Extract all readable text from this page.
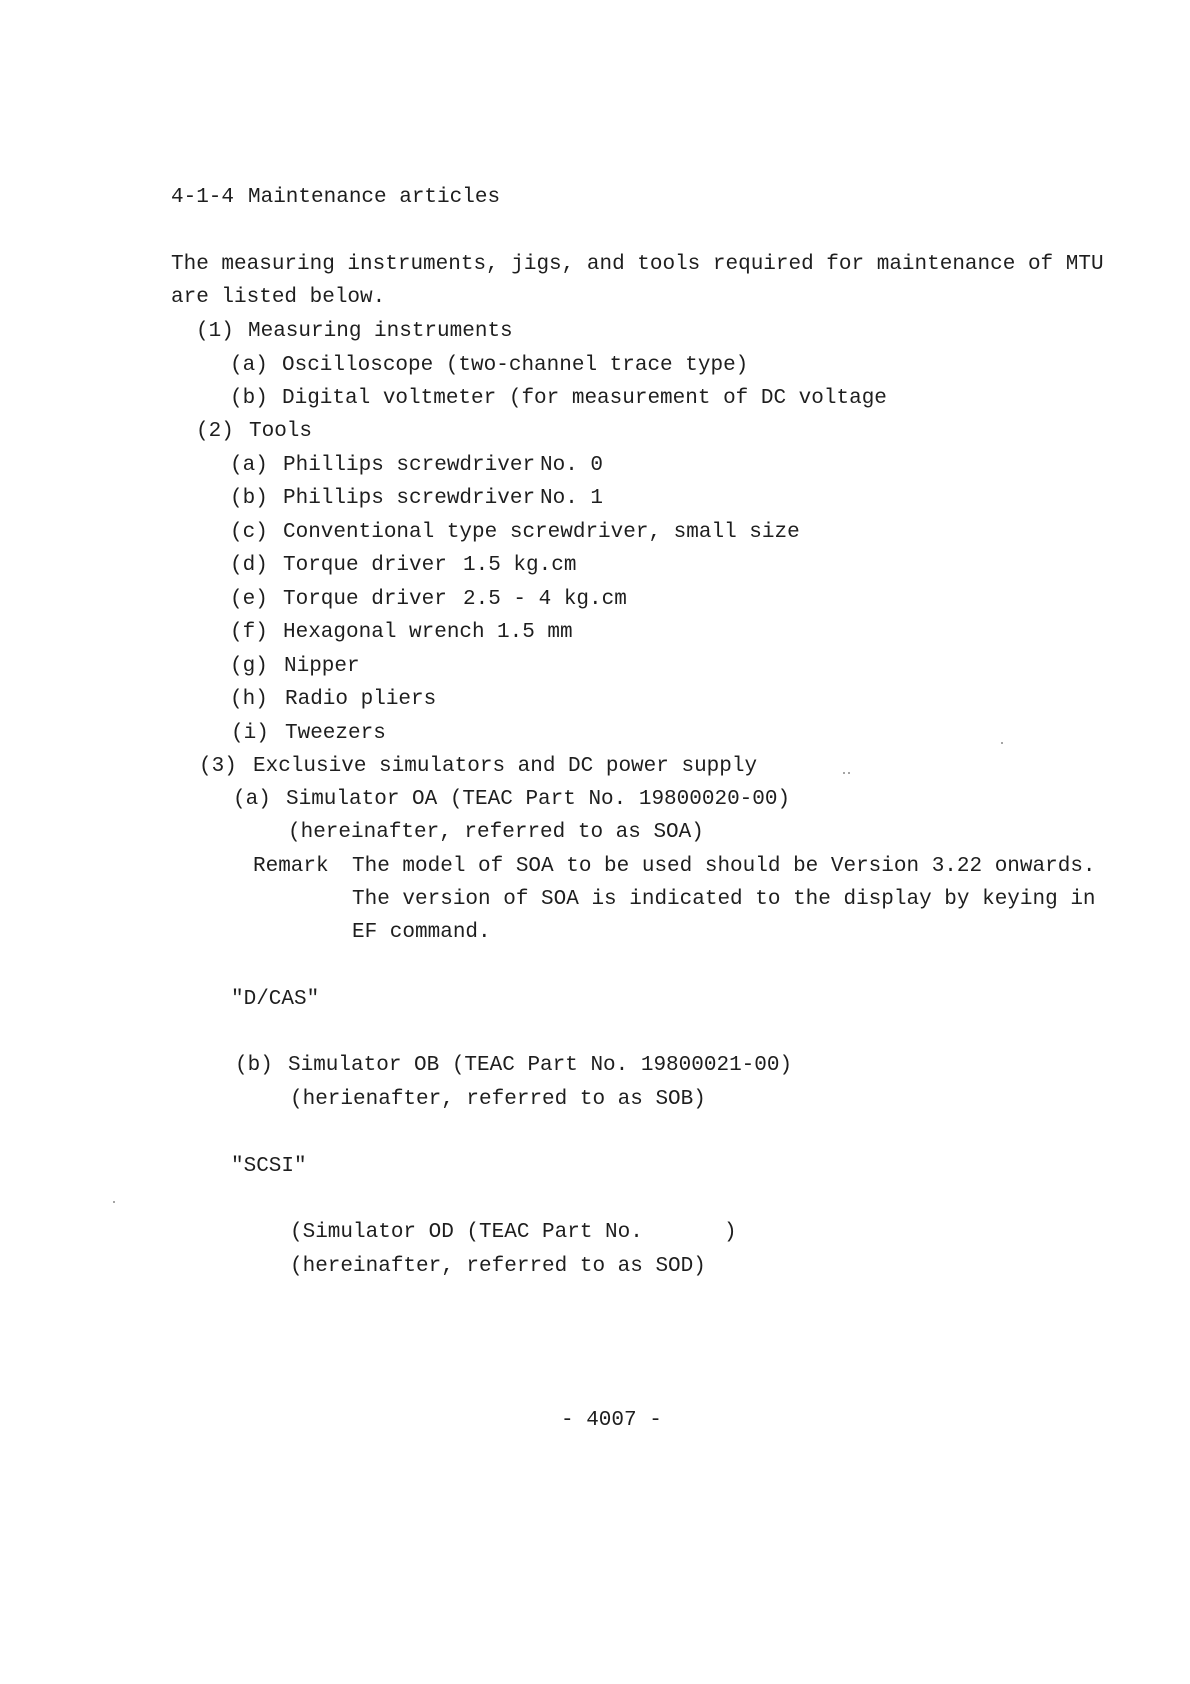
4-1-4 Maintenance articles
The measuring instruments, jigs, and tools required for maintenance of MTU
are listed below.
(1) Measuring instruments
(a) Oscilloscope (two-channel trace type)
(b) Digital voltmeter (for measurement of DC voltage
(2) Tools
(a) Phillips screwdriver No. 0
(b) Phillips screwdriver No. 1
(c) Conventional type screwdriver, small size
(d) Torque driver 1.5 kg.cm
(e) Torque driver 2.5 - 4 kg.cm
(f) Hexagonal wrench 1.5 mm
(g) Nipper
(h) Radio pliers
(i) Tweezers
(3) Exclusive simulators and DC power supply
(a) Simulator OA (TEAC Part No. 19800020-00)
(hereinafter, referred to as SOA)
Remark The model of SOA to be used should be Version 3.22 onwards.
The version of SOA is indicated to the display by keying in
EF command.
"D/CAS"
(b) Simulator OB (TEAC Part No. 19800021-00)
(herienafter, referred to as SOB)
"SCSI"
(Simulator OD (TEAC Part No.	)
(hereinafter, referred to as SOD)
- 4007 -
